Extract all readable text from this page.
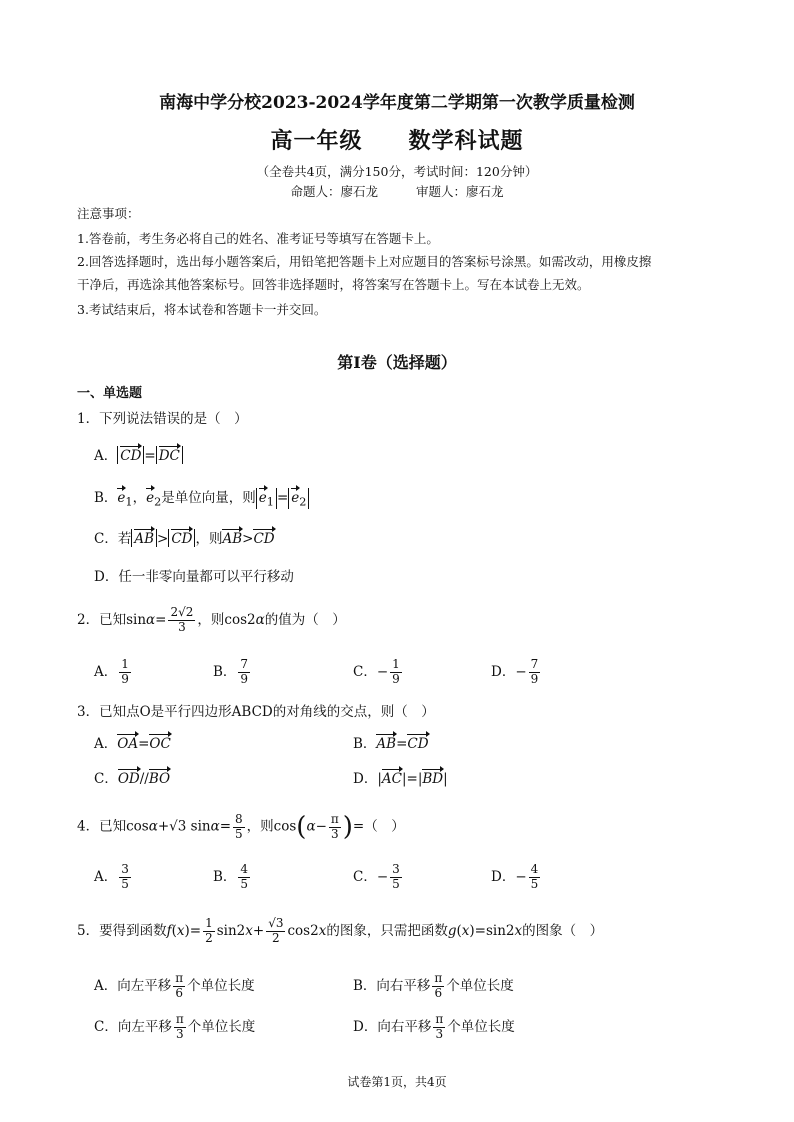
南海中学分校2023-2024学年度第二学期第一次教学质量检测
高一年级 数学科试题
（全卷共4页，满分150分，考试时间：120分钟）
命题人：廖石龙	审题人：廖石龙
注意事项：
1.答卷前，考生务必将自己的姓名、准考证号等填写在答题卡上。
2.回答选择题时，选出每小题答案后，用铅笔把答题卡上对应题目的答案标号涂黑。如需改动，用橡皮擦
干净后，再选涂其他答案标号。回答非选择题时，将答案写在答题卡上。写在本试卷上无效。
3.考试结束后，将本试卷和答题卡一并交回。
第Ⅰ卷（选择题）
一、单选题
1．下列说法错误的是（　）
A． CD = DC
B．$e_1$，$e_2$是单位向量，则 $e_1 = e_2$
C．若 AB > CD ，则AB>CD
D．任一非零向量都可以平行移动
2．已知$\sin\alpha= \frac{2√2}{3}$ ，则cos2α的值为（　）
A． $\frac{1}{9}$	B． $\frac{7}{9}$	C．− $\frac{1}{9}$	D．− $\frac{7}{9}$
3．已知点O是平行四边形ABCD的对角线的交点，则（　）
A．OA=OC	B．AB=CD
C．OD//BO	D．|AC|=|BD|
4．已知cosα+√3 $\sin\alpha= \frac{8}{5}$ ，则$\cos(\alpha- \frac{\pi}{3}$ )=（　）
A． $\frac{3}{5}$	B． $\frac{4}{5}$	C．− $\frac{3}{5}$	D．− $\frac{4}{5}$
5．要得到函数$f(x)= \frac{1}{2} \sin 2x+ \frac{√3}{2} \cos 2x$的图象，只需把函数g(x)=sin2x的图象（　）
A．向左平移 $\frac{\pi}{6}$ 个单位长度	B．向右平移 $\frac{\pi}{6}$ 个单位长度
C．向左平移 $\frac{\pi}{3}$ 个单位长度	D．向右平移 $\frac{\pi}{3}$ 个单位长度
试卷第1页，共4页
